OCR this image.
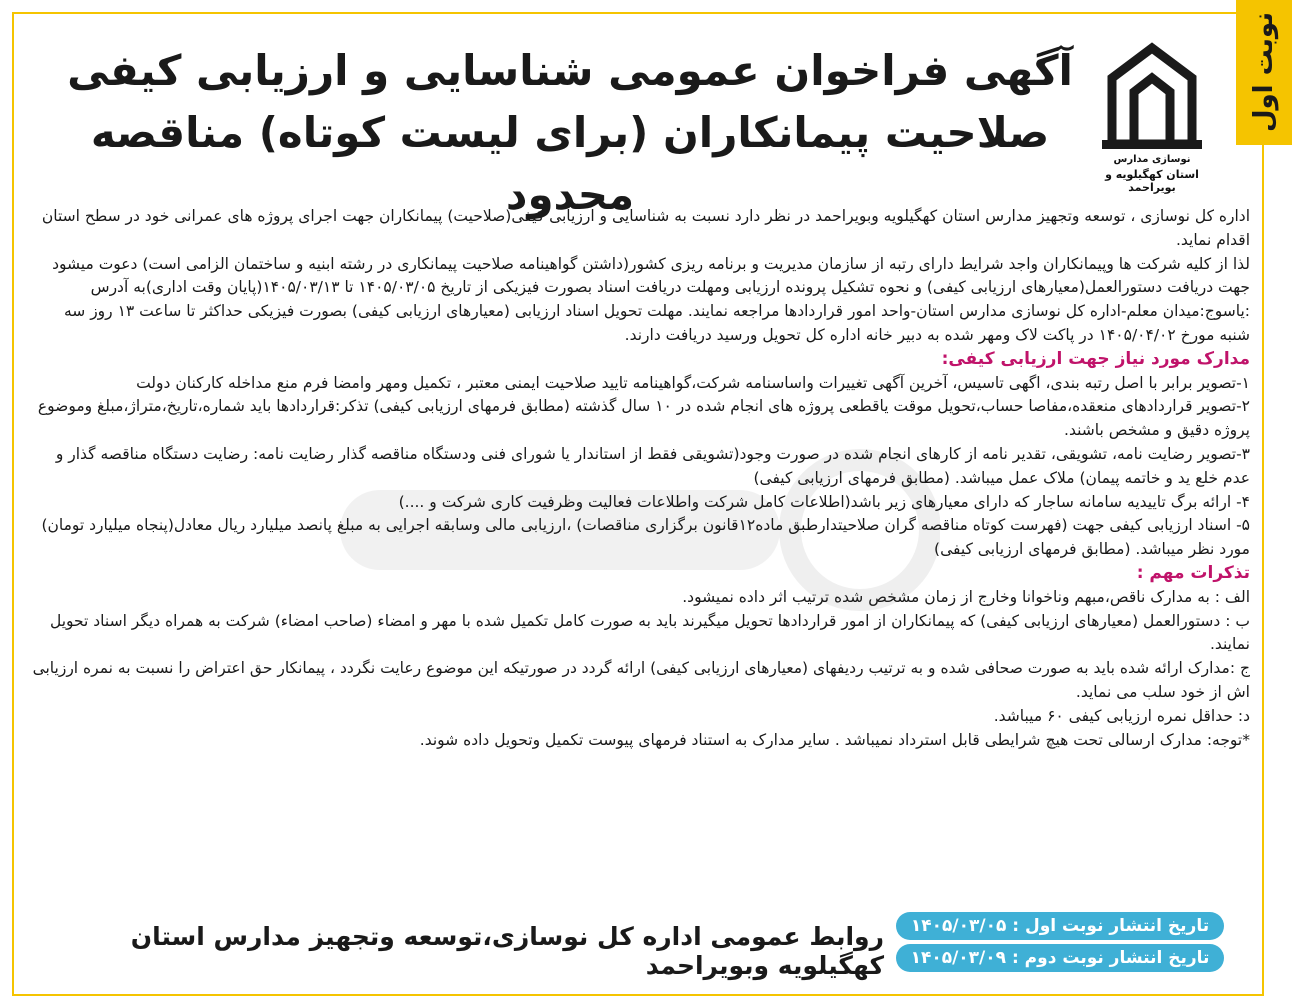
نوبت اول
نوسازی مدارس
استان کهگیلویه و بویراحمد
آگهی فراخوان عمومی شناسایی و ارزیابی کیفی
صلاحیت پیمانکاران (برای لیست کوتاه) مناقصه محدود

اداره کل نوسازی ، توسعه وتجهیز مدارس استان کهگیلویه وبویراحمد در نظر دارد نسبت به شناسایی و ارزیابی کیفی(صلاحیت) پیمانکاران جهت اجرای پروژه های عمرانی خود در سطح استان اقدام نماید.

لذا از کلیه شرکت ها وپیمانکاران واجد شرایط دارای رتبه از سازمان مدیریت و برنامه ریزی کشور(داشتن گواهینامه صلاحیت پیمانکاری در رشته ابنیه و ساختمان الزامی است) دعوت میشود جهت دریافت دستورالعمل(معیارهای ارزیابی کیفی) و نحوه تشکیل پرونده ارزیابی ومهلت دریافت اسناد بصورت فیزیکی از تاریخ ۱۴۰۵/۰۳/۰۵ تا ۱۴۰۵/۰۳/۱۳(پایان وقت اداری)به آدرس :یاسوج:میدان معلم-اداره کل نوسازی مدارس استان-واحد امور قراردادها مراجعه نمایند. مهلت تحویل اسناد ارزیابی (معیارهای ارزیابی کیفی) بصورت فیزیکی حداکثر تا ساعت ۱۳ روز سه شنبه مورخ ۱۴۰۵/۰۴/۰۲ در پاکت لاک ومهر شده به دبیر خانه اداره کل تحویل ورسید دریافت دارند.

مدارک مورد نیاز جهت ارزیابی کیفی:

۱-تصویر برابر با اصل رتبه بندی، اگهی تاسیس، آخرین آگهی تغییرات واساسنامه شرکت،گواهینامه تایید صلاحیت ایمنی معتبر ، تکمیل ومهر وامضا فرم منع مداخله کارکنان دولت

۲-تصویر قراردادهای منعقده،مفاصا حساب،تحویل موقت یاقطعی پروژه های انجام شده در ۱۰ سال گذشته (مطابق فرمهای ارزیابی کیفی) تذکر:قراردادها باید شماره،تاریخ،متراژ،مبلغ وموضوع پروژه دقیق و مشخص باشند.

۳-تصویر رضایت نامه، تشویقی، تقدیر نامه از کارهای انجام شده در صورت وجود(تشویقی فقط از استاندار یا شورای فنی ودستگاه مناقصه گذار رضایت نامه: رضایت دستگاه مناقصه گذار و عدم خلع ید و خاتمه پیمان) ملاک عمل میباشد. (مطابق فرمهای ارزیابی کیفی)

۴- ارائه برگ تاییدیه سامانه ساجار که دارای معیارهای زیر باشد(اطلاعات کامل شرکت واطلاعات فعالیت وظرفیت کاری شرکت و ....)

۵- اسناد ارزیابی کیفی جهت (فهرست کوتاه مناقصه گران صلاحیتدارطبق ماده۱۲قانون برگزاری مناقصات) ،ارزیابی مالی وسابقه اجرایی به مبلغ پانصد میلیارد ریال معادل(پنجاه میلیارد تومان) مورد نظر میباشد. (مطابق فرمهای ارزیابی کیفی)

تذکرات مهم :

الف : به مدارک ناقص،مبهم وناخوانا وخارج از زمان مشخص شده ترتیب اثر داده نمیشود.

ب : دستورالعمل (معیارهای ارزیابی کیفی) که پیمانکاران از امور قراردادها تحویل میگیرند باید به صورت کامل تکمیل شده با مهر و امضاء (صاحب امضاء) شرکت به همراه دیگر اسناد تحویل نمایند.

ج :مدارک ارائه شده باید به صورت صحافی شده و به ترتیب ردیفهای (معیارهای ارزیابی کیفی) ارائه گردد در صورتیکه این موضوع رعایت نگردد ، پیمانکار حق اعتراض را نسبت به نمره ارزیابی اش از خود سلب می نماید.

د: حداقل نمره ارزیابی کیفی ۶۰ میباشد.

*توجه: مدارک ارسالی تحت هیچ شرایطی قابل استرداد نمیباشد . سایر مدارک به استناد فرمهای پیوست تکمیل وتحویل داده شوند.

روابط عمومی اداره کل نوسازی،توسعه وتجهیز مدارس استان کهگیلویه وبویراحمد
تاریخ انتشار نوبت اول : ۱۴۰۵/۰۳/۰۵
تاریخ انتشار نوبت دوم : ۱۴۰۵/۰۳/۰۹
